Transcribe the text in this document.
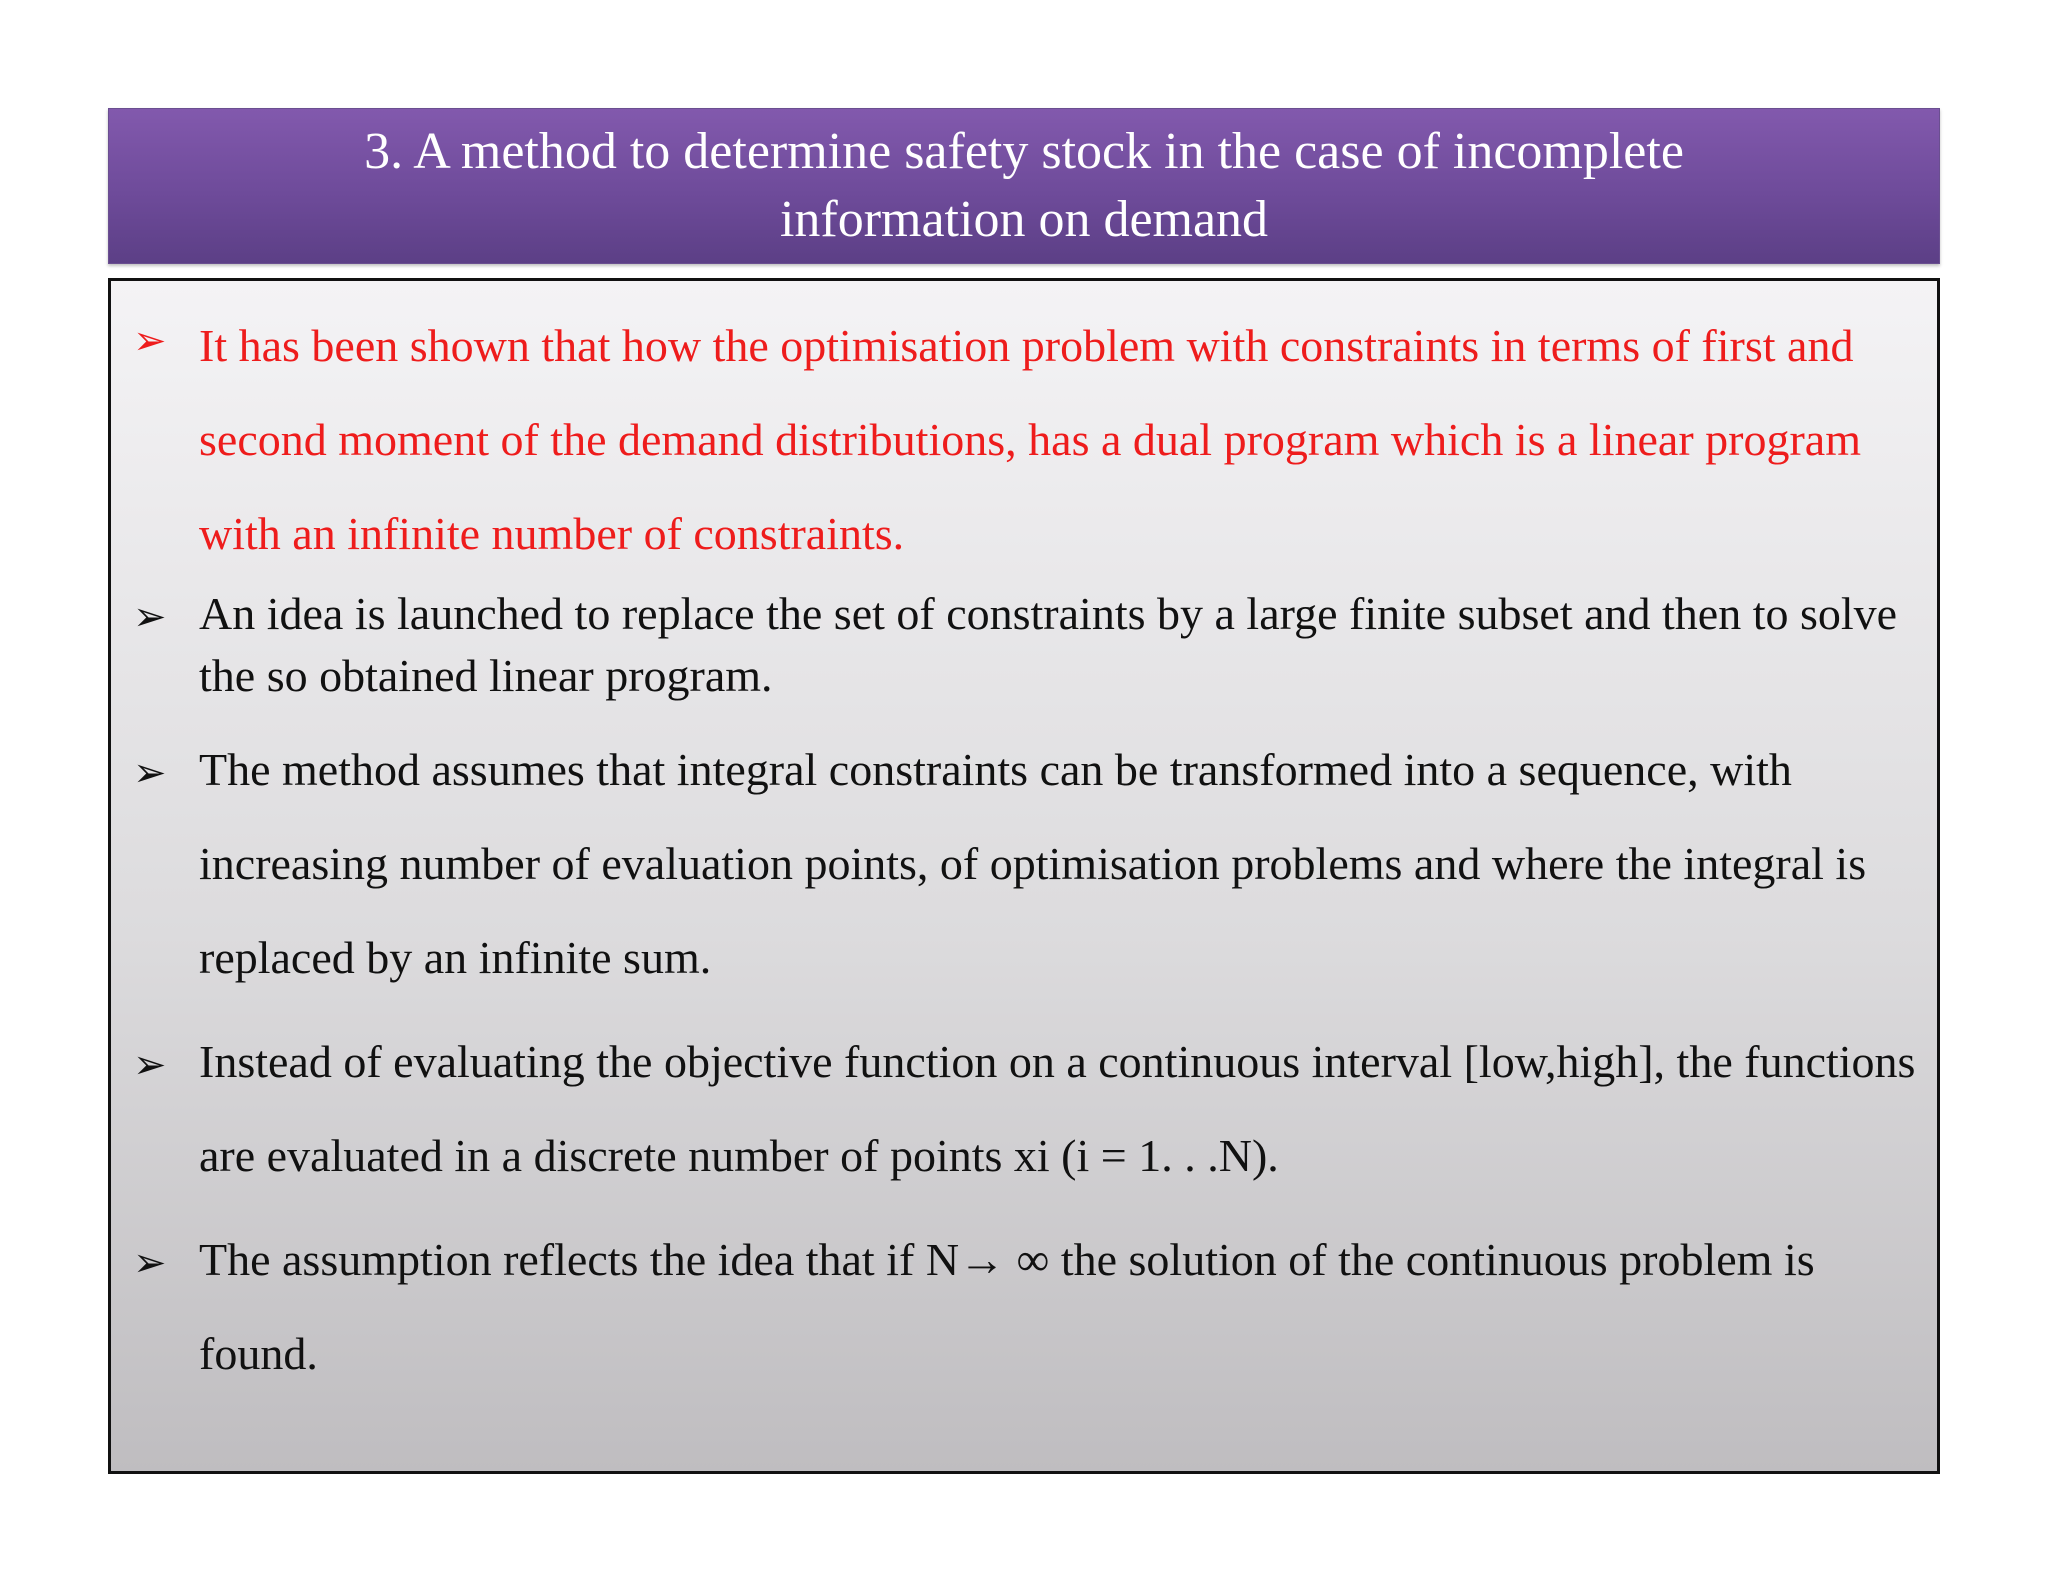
3. A method to determine safety stock in the case of incomplete information on demand
➢ It has been shown that how the optimisation problem with constraints in terms of first and second moment of the demand distributions, has a dual program which is a linear program with an infinite number of constraints.
➢ An idea is launched to replace the set of constraints by a large finite subset and then to solve the so obtained linear program.
➢ The method assumes that integral constraints can be transformed into a sequence, with increasing number of evaluation points, of optimisation problems and where the integral is replaced by an infinite sum.
➢ Instead of evaluating the objective function on a continuous interval [low,high], the functions are evaluated in a discrete number of points xi (i = 1. . .N).
➢ The assumption reflects the idea that if N→ ∞ the solution of the continuous problem is found.
